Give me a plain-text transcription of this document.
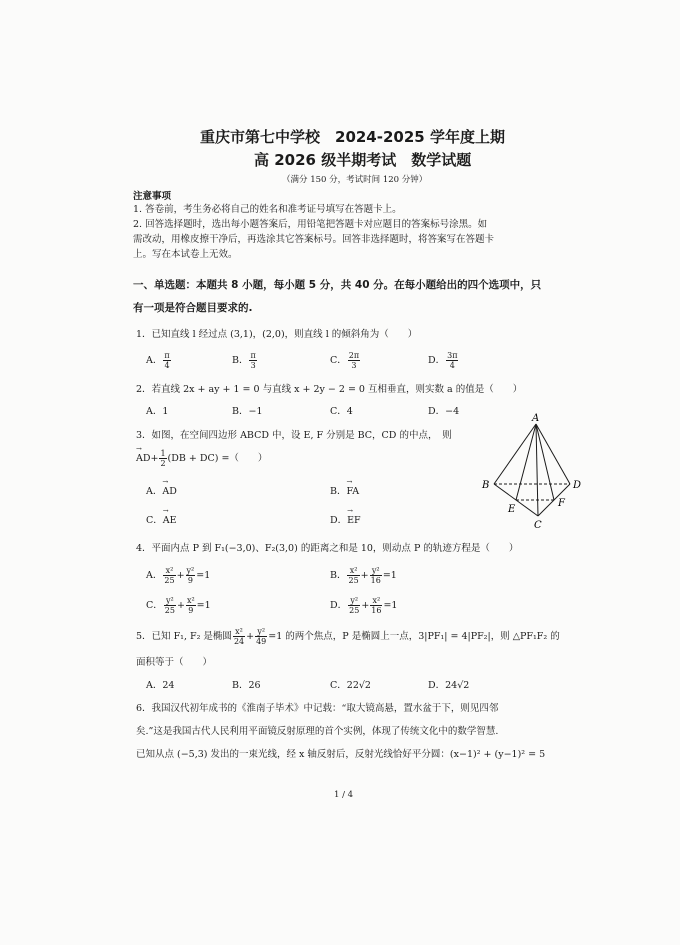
重庆市第七中学校　2024-2025 学年度上期
高 2026 级半期考试　数学试题
（满分 150 分，考试时间 120 分钟）
注意事项
1. 答卷前，考生务必将自己的姓名和准考证号填写在答题卡上。
2. 回答选择题时，选出每小题答案后，用铅笔把答题卡对应题目的答案标号涂黑。如
需改动，用橡皮擦干净后，再选涂其它答案标号。回答非选择题时，将答案写在答题卡
上。写在本试卷上无效。
一、单选题：本题共 8 小题，每小题 5 分，共 40 分。在每小题给出的四个选项中，只
有一项是符合题目要求的.
1．已知直线 l 经过点 (3,1)，(2,0)，则直线 l 的倾斜角为（　　）
A． $\frac{\pi}{4}$	B． $\frac{\pi}{3}$	C． $\frac{2\pi}{3}$	D． $\frac{3\pi}{4}$
2．若直线 2x + ay + 1 = 0 与直线 x + 2y − 2 = 0 互相垂直，则实数 a 的值是（　　）
A．1	B．−1	C．4	D．−4
3．如图，在空间四边形 ABCD 中，设 E, F 分别是 BC，CD 的中点，　则
→ $AD+ \frac{1}{2} (DB + DC)$ =（　　）
A．→ AD	B．→ FA
C．→ AE	D．→ EF
A
B
C
D
E
F
4．平面内点 P 到 F₁(−3,0)、F₂(3,0) 的距离之和是 10，则动点 P 的轨迹方程是（　　）
A． $\frac{\text{x²}}{25} + \frac{\text{y²}}{9} =1$	B． $\frac{\text{x²}}{25} + \frac{\text{y²}}{16} =1$
C． $\frac{\text{y²}}{25} + \frac{\text{x²}}{9} =1$	D． $\frac{\text{y²}}{25} + \frac{\text{x²}}{16} =1$
5．已知 F₁, F₂ 是椭圆 $\frac{\text{x²}}{24} + \frac{\text{y²}}{49} =1$ 的两个焦点，P 是椭圆上一点，3|PF₁| = 4|PF₂|，则 △PF₁F₂ 的
面积等于（　　）
A．24	B．26	C．22√2	D．24√2
6．我国汉代初年成书的《淮南子毕术》中记载：“取大镜高悬，置水盆于下，则见四邻
矣.”这是我国古代人民利用平面镜反射原理的首个实例，体现了传统文化中的数学智慧.
已知从点 (−5,3) 发出的一束光线，经 x 轴反射后，反射光线恰好平分圆：(x−1)² + (y−1)² = 5
1 / 4
